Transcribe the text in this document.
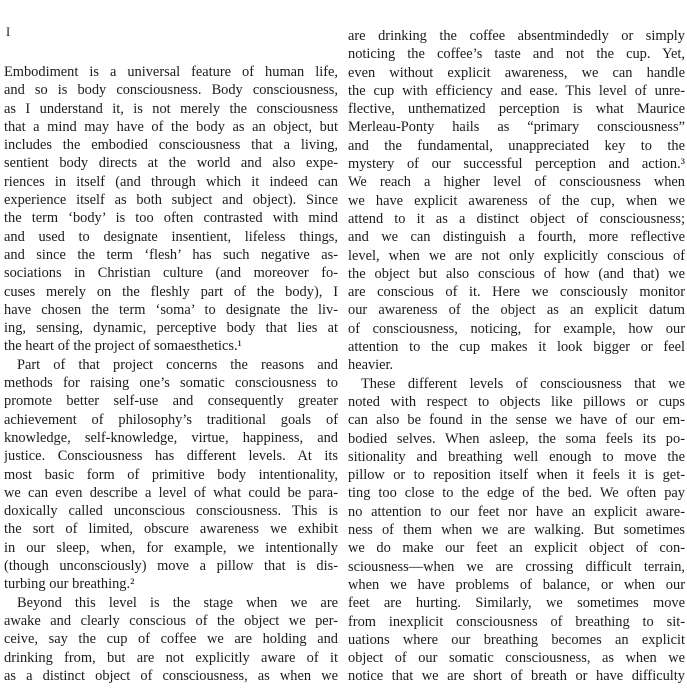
I
Embodiment is a universal feature of human life,
and so is body consciousness. Body consciousness,
as I understand it, is not merely the consciousness
that a mind may have of the body as an object, but
includes the embodied consciousness that a living,
sentient body directs at the world and also expe-
riences in itself (and through which it indeed can
experience itself as both subject and object). Since
the term ‘body’ is too often contrasted with mind
and used to designate insentient, lifeless things,
and since the term ‘flesh’ has such negative as-
sociations in Christian culture (and moreover fo-
cuses merely on the fleshly part of the body), I
have chosen the term ‘soma’ to designate the liv-
ing, sensing, dynamic, perceptive body that lies at
the heart of the project of somaesthetics.¹
Part of that project concerns the reasons and
methods for raising one’s somatic consciousness to
promote better self-use and consequently greater
achievement of philosophy’s traditional goals of
knowledge, self-knowledge, virtue, happiness, and
justice. Consciousness has different levels. At its
most basic form of primitive body intentionality,
we can even describe a level of what could be para-
doxically called unconscious consciousness. This is
the sort of limited, obscure awareness we exhibit
in our sleep, when, for example, we intentionally
(though unconsciously) move a pillow that is dis-
turbing our breathing.²
Beyond this level is the stage when we are
awake and clearly conscious of the object we per-
ceive, say the cup of coffee we are holding and
drinking from, but are not explicitly aware of it
as a distinct object of consciousness, as when we
are drinking the coffee absentmindedly or simply
noticing the coffee’s taste and not the cup. Yet,
even without explicit awareness, we can handle
the cup with efficiency and ease. This level of unre-
flective, unthematized perception is what Maurice
Merleau-Ponty hails as “primary consciousness”
and the fundamental, unappreciated key to the
mystery of our successful perception and action.³
We reach a higher level of consciousness when
we have explicit awareness of the cup, when we
attend to it as a distinct object of consciousness;
and we can distinguish a fourth, more reflective
level, when we are not only explicitly conscious of
the object but also conscious of how (and that) we
are conscious of it. Here we consciously monitor
our awareness of the object as an explicit datum
of consciousness, noticing, for example, how our
attention to the cup makes it look bigger or feel
heavier.
These different levels of consciousness that we
noted with respect to objects like pillows or cups
can also be found in the sense we have of our em-
bodied selves. When asleep, the soma feels its po-
sitionality and breathing well enough to move the
pillow or to reposition itself when it feels it is get-
ting too close to the edge of the bed. We often pay
no attention to our feet nor have an explicit aware-
ness of them when we are walking. But sometimes
we do make our feet an explicit object of con-
sciousness—when we are crossing difficult terrain,
when we have problems of balance, or when our
feet are hurting. Similarly, we sometimes move
from inexplicit consciousness of breathing to sit-
uations where our breathing becomes an explicit
object of our somatic consciousness, as when we
notice that we are short of breath or have difficulty
